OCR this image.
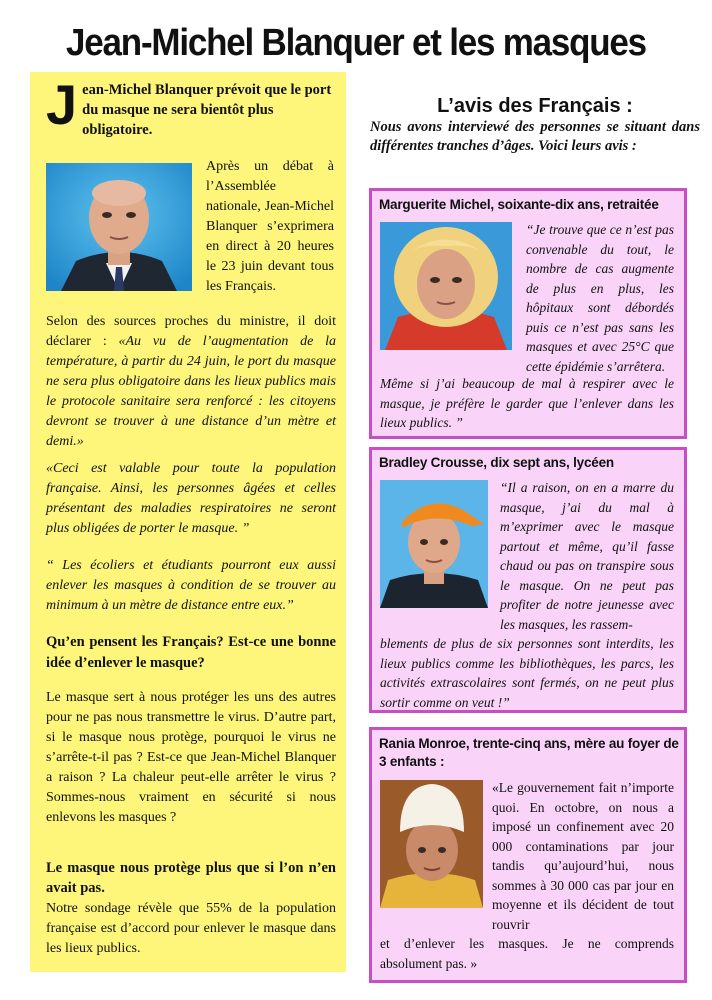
Jean-Michel Blanquer et les masques
J ean-Michel Blanquer prévoit que le port du masque ne sera bientôt plus obligatoire.

Après un débat à l’Assemblée nationale, Jean-Michel Blanquer s’exprimera en direct à 20 heures le 23 juin devant tous les Français.

Selon des sources proches du ministre, il doit déclarer : «Au vu de l’augmentation de la température, à partir du 24 juin, le port du masque ne sera plus obligatoire dans les lieux publics mais le protocole sanitaire sera renforcé : les citoyens devront se trouver à une distance d’un mètre et demi.»

«Ceci est valable pour toute la population française. Ainsi, les personnes âgées et celles présentant des maladies respiratoires ne seront plus obligées de porter le masque. ”

“ Les écoliers et étudiants pourront eux aussi enlever les masques à condition de se trouver au minimum à un mètre de distance entre eux.”

Qu’en pensent les Français? Est-ce une bonne idée d’enlever le masque?

Le masque sert à nous protéger les uns des autres pour ne pas nous transmettre le virus. D’autre part, si le masque nous protège, pourquoi le virus ne s’arrête-t-il pas ? Est-ce que Jean-Michel Blanquer a raison ? La chaleur peut-elle arrêter le virus ? Sommes-nous vraiment en sécurité si nous enlevons les masques ?

Le masque nous protège plus que si l’on n’en avait pas.

Notre sondage révèle que 55% de la population française est d’accord pour enlever le masque dans les lieux publics.

L’avis des Français :
Nous avons interviewé des personnes se situant dans différentes tranches d’âges. Voici leurs avis :
Marguerite Michel, soixante-dix ans, retraitée
“Je trouve que ce n’est pas convenable du tout, le nombre de cas augmente de plus en plus, les hôpitaux sont débordés puis ce n’est pas sans les masques et avec 25°C que cette épidémie s’arrêtera.
Même si j’ai beaucoup de mal à respirer avec le masque, je préfère le garder que l’enlever dans les lieux publics. ”
Bradley Crousse, dix sept ans, lycéen
“Il a raison, on en a marre du masque, j’ai du mal à m’exprimer avec le masque partout et même, qu’il fasse chaud ou pas on transpire sous le masque. On ne peut pas profiter de notre jeunesse avec les masques, les rassem-
blements de plus de six personnes sont interdits, les lieux publics comme les bibliothèques, les parcs, les activités extrascolaires sont fermés, on ne peut plus sortir comme on veut !”
Rania Monroe, trente-cinq ans, mère au foyer de 3 enfants :
«Le gouvernement fait n’importe quoi. En octobre, on nous a imposé un confinement avec 20 000 contaminations par jour tandis qu’aujourd’hui, nous sommes à 30 000 cas par jour en moyenne et ils décident de tout rouvrir
et d’enlever les masques. Je ne comprends absolument pas. »
